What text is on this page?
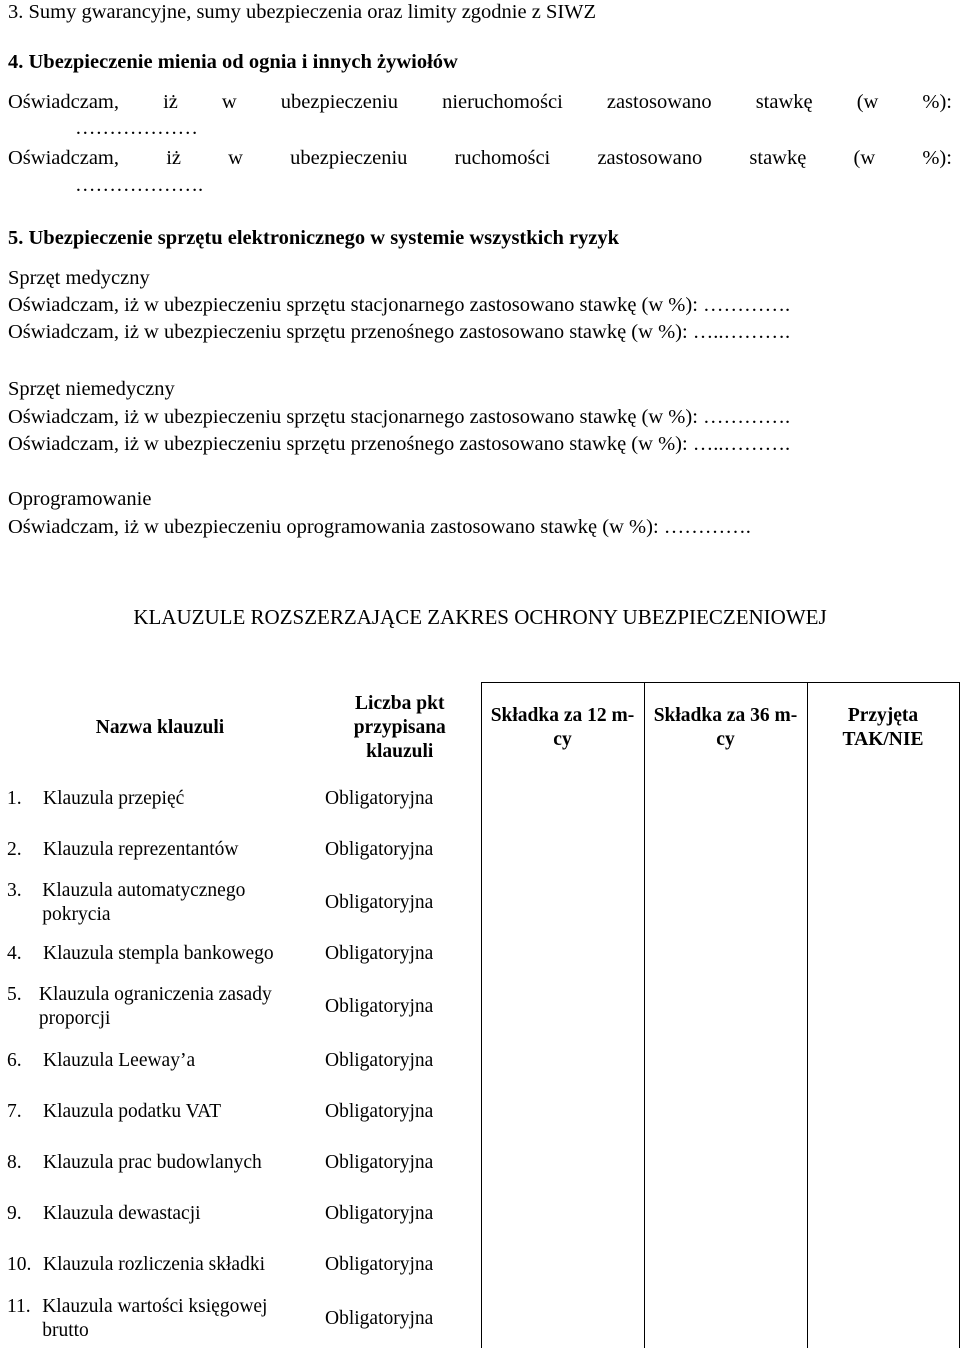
3. Sumy gwarancyjne, sumy ubezpieczenia oraz limity zgodnie z SIWZ
4. Ubezpieczenie mienia od ognia i innych żywiołów
Oświadczam, iż w ubezpieczeniu nieruchomości zastosowano stawkę (w %):
………………
Oświadczam, iż w ubezpieczeniu ruchomości zastosowano stawkę (w %):
……………….
5. Ubezpieczenie sprzętu elektronicznego w systemie wszystkich ryzyk
Sprzęt medyczny
Oświadczam, iż w ubezpieczeniu sprzętu stacjonarnego zastosowano stawkę (w %): ………….
Oświadczam, iż w ubezpieczeniu sprzętu przenośnego zastosowano stawkę (w %): …..……….
Sprzęt niemedyczny
Oświadczam, iż w ubezpieczeniu sprzętu stacjonarnego zastosowano stawkę (w %): ………….
Oświadczam, iż w ubezpieczeniu sprzętu przenośnego zastosowano stawkę (w %): …..……….
Oprogramowanie
Oświadczam, iż w ubezpieczeniu oprogramowania zastosowano stawkę (w %): ………….
KLAUZULE ROZSZERZAJĄCE ZAKRES OCHRONY UBEZPIECZENIOWEJ
Nazwa klauzuli	Liczba pkt przypisana klauzuli	Składka za 12 m-cy	Składka za 36 m-cy	Przyjęta TAK/NIE

1. Klauzula przepięć	Obligatoryjna			

2. Klauzula reprezentantów	Obligatoryjna			

3. Klauzula automatycznego pokrycia	Obligatoryjna			

4. Klauzula stempla bankowego	Obligatoryjna			

5. Klauzula ograniczenia zasady proporcji	Obligatoryjna			

6. Klauzula Leeway’a	Obligatoryjna			

7. Klauzula podatku VAT	Obligatoryjna			

8. Klauzula prac budowlanych	Obligatoryjna			

9. Klauzula dewastacji	Obligatoryjna			

10. Klauzula rozliczenia składki	Obligatoryjna			

11. Klauzula wartości księgowej brutto	Obligatoryjna			
